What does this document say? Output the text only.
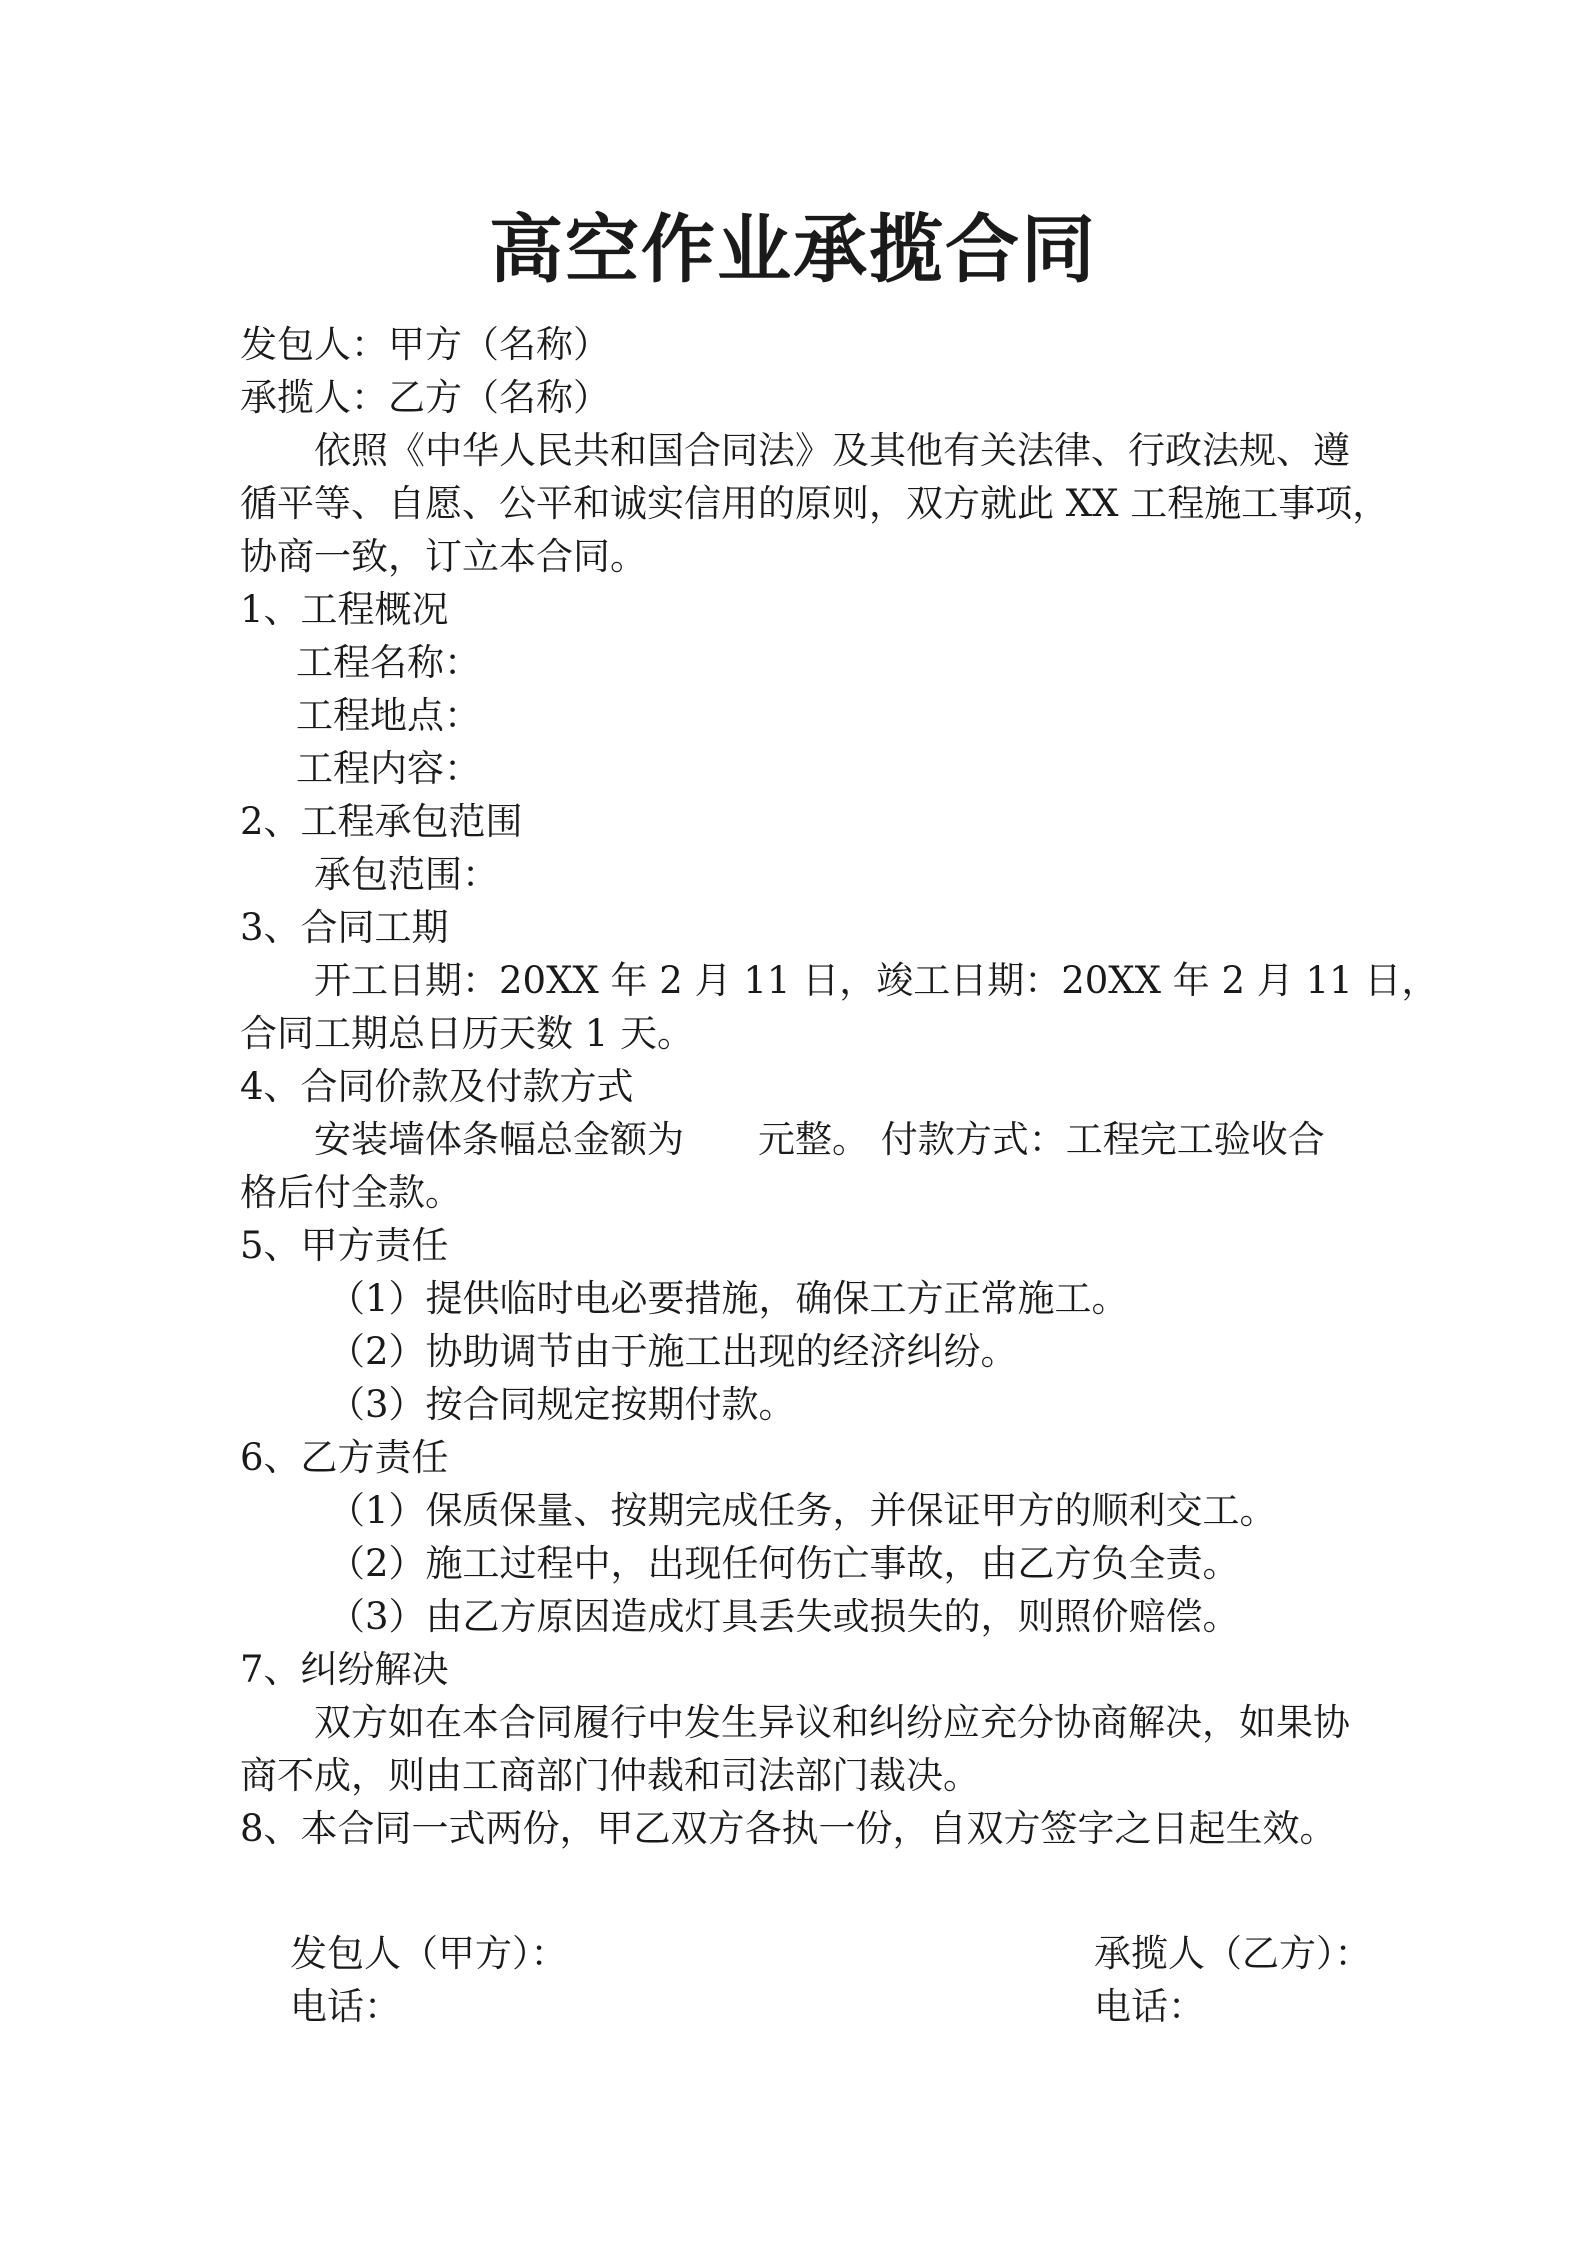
高空作业承揽合同
发包人：甲方（名称）
承揽人：乙方（名称）
依照《中华人民共和国合同法》及其他有关法律、行政法规、遵
循平等、自愿、公平和诚实信用的原则，双方就此 XX 工程施工事项，
协商一致，订立本合同。
1、工程概况
工程名称：
工程地点：
工程内容：
2、工程承包范围
承包范围：
3、合同工期
开工日期：20XX 年 2 月 11 日，竣工日期：20XX 年 2 月 11 日，
合同工期总日历天数 1 天。
4、合同价款及付款方式
安装墙体条幅总金额为 元整。 付款方式：工程完工验收合
格后付全款。
5、甲方责任
（1）提供临时电必要措施，确保工方正常施工。
（2）协助调节由于施工出现的经济纠纷。
（3）按合同规定按期付款。
6、乙方责任
（1）保质保量、按期完成任务，并保证甲方的顺利交工。
（2）施工过程中，出现任何伤亡事故，由乙方负全责。
（3）由乙方原因造成灯具丢失或损失的，则照价赔偿。
7、纠纷解决
双方如在本合同履行中发生异议和纠纷应充分协商解决，如果协
商不成，则由工商部门仲裁和司法部门裁决。
8、本合同一式两份，甲乙双方各执一份，自双方签字之日起生效。
发包人（甲方）：
电话：
承揽人（乙方）：
电话：
